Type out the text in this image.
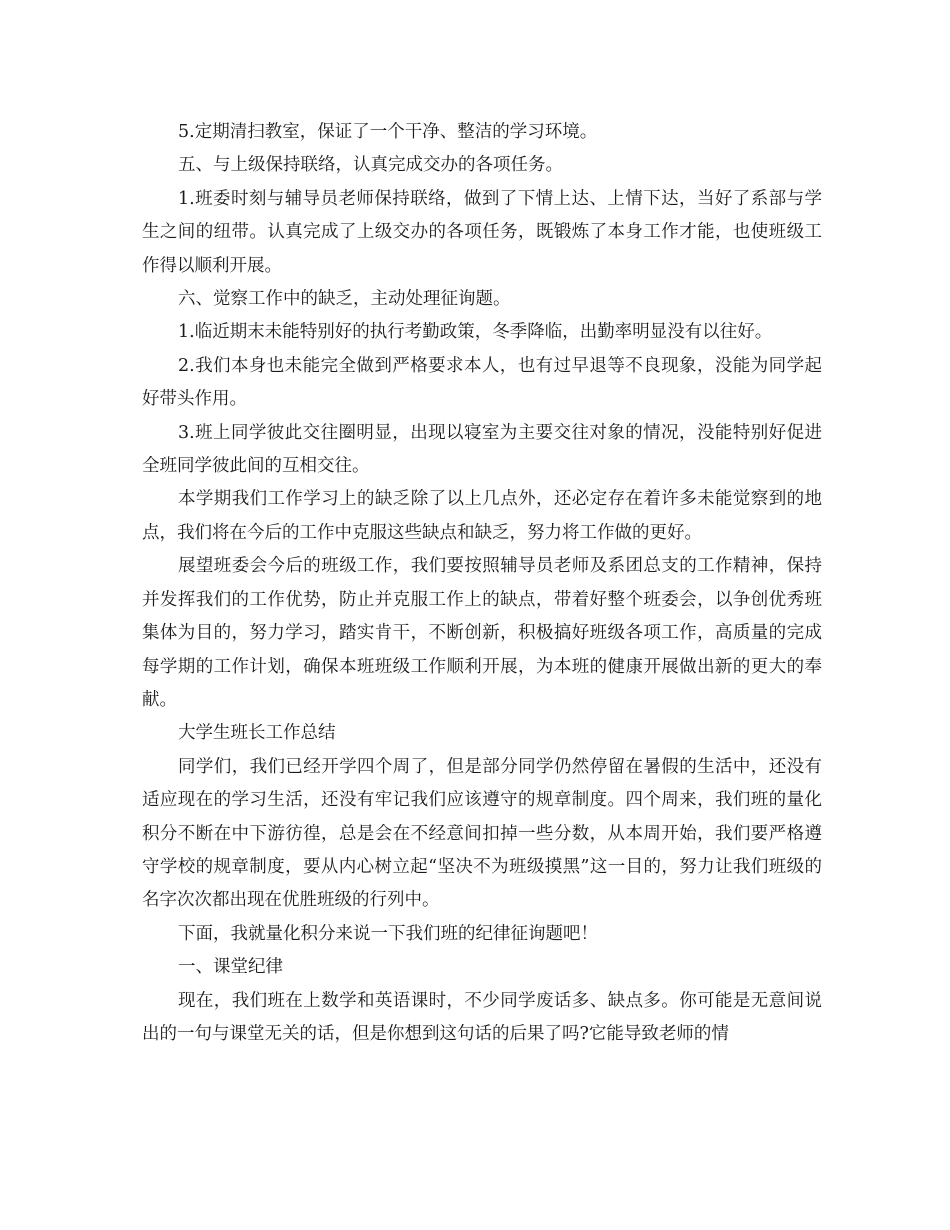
5.定期清扫教室，保证了一个干净、整洁的学习环境。

五、与上级保持联络，认真完成交办的各项任务。

1.班委时刻与辅导员老师保持联络，做到了下情上达、上情下达，当好了系部与学生之间的纽带。认真完成了上级交办的各项任务，既锻炼了本身工作才能，也使班级工作得以顺利开展。

六、觉察工作中的缺乏，主动处理征询题。

1.临近期末未能特别好的执行考勤政策，冬季降临，出勤率明显没有以往好。

2.我们本身也未能完全做到严格要求本人，也有过早退等不良现象，没能为同学起好带头作用。

3.班上同学彼此交往圈明显，出现以寝室为主要交往对象的情况，没能特别好促进全班同学彼此间的互相交往。

本学期我们工作学习上的缺乏除了以上几点外，还必定存在着许多未能觉察到的地点，我们将在今后的工作中克服这些缺点和缺乏，努力将工作做的更好。

展望班委会今后的班级工作，我们要按照辅导员老师及系团总支的工作精神，保持并发挥我们的工作优势，防止并克服工作上的缺点，带着好整个班委会，以争创优秀班集体为目的，努力学习，踏实肯干，不断创新，积极搞好班级各项工作，高质量的完成每学期的工作计划，确保本班班级工作顺利开展，为本班的健康开展做出新的更大的奉献。

大学生班长工作总结

同学们，我们已经开学四个周了，但是部分同学仍然停留在暑假的生活中，还没有适应现在的学习生活，还没有牢记我们应该遵守的规章制度。四个周来，我们班的量化积分不断在中下游彷徨，总是会在不经意间扣掉一些分数，从本周开始，我们要严格遵守学校的规章制度，要从内心树立起“坚决不为班级摸黑”这一目的，努力让我们班级的名字次次都出现在优胜班级的行列中。

下面，我就量化积分来说一下我们班的纪律征询题吧！

一、课堂纪律

现在，我们班在上数学和英语课时，不少同学废话多、缺点多。你可能是无意间说出的一句与课堂无关的话，但是你想到这句话的后果了吗?它能导致老师的情
